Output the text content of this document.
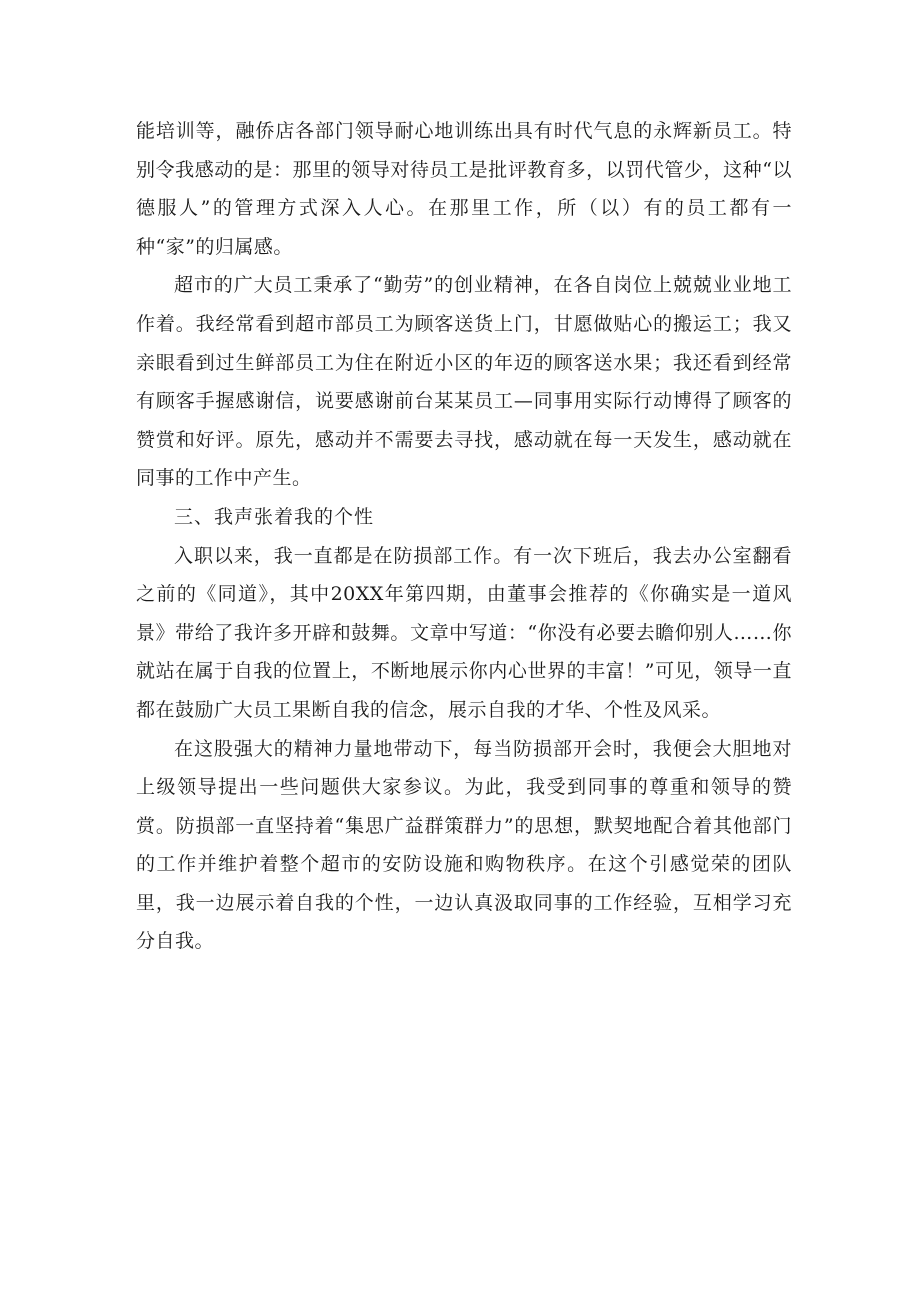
能培训等，融侨店各部门领导耐心地训练出具有时代气息的永辉新员工。特别令我感动的是：那里的领导对待员工是批评教育多，以罚代管少，这种“以德服人”的管理方式深入人心。在那里工作，所（以）有的员工都有一种“家”的归属感。

超市的广大员工秉承了“勤劳”的创业精神，在各自岗位上兢兢业业地工作着。我经常看到超市部员工为顾客送货上门，甘愿做贴心的搬运工；我又亲眼看到过生鲜部员工为住在附近小区的年迈的顾客送水果；我还看到经常有顾客手握感谢信，说要感谢前台某某员工—同事用实际行动博得了顾客的赞赏和好评。原先，感动并不需要去寻找，感动就在每一天发生，感动就在同事的工作中产生。

三、我声张着我的个性

入职以来，我一直都是在防损部工作。有一次下班后，我去办公室翻看之前的《同道》，其中20XX年第四期，由董事会推荐的《你确实是一道风景》带给了我许多开辟和鼓舞。文章中写道：“你没有必要去瞻仰别人……你就站在属于自我的位置上，不断地展示你内心世界的丰富！”可见，领导一直都在鼓励广大员工果断自我的信念，展示自我的才华、个性及风采。

在这股强大的精神力量地带动下，每当防损部开会时，我便会大胆地对上级领导提出一些问题供大家参议。为此，我受到同事的尊重和领导的赞赏。防损部一直坚持着“集思广益群策群力”的思想，默契地配合着其他部门的工作并维护着整个超市的安防设施和购物秩序。在这个引感觉荣的团队里，我一边展示着自我的个性，一边认真汲取同事的工作经验，互相学习充分自我。
